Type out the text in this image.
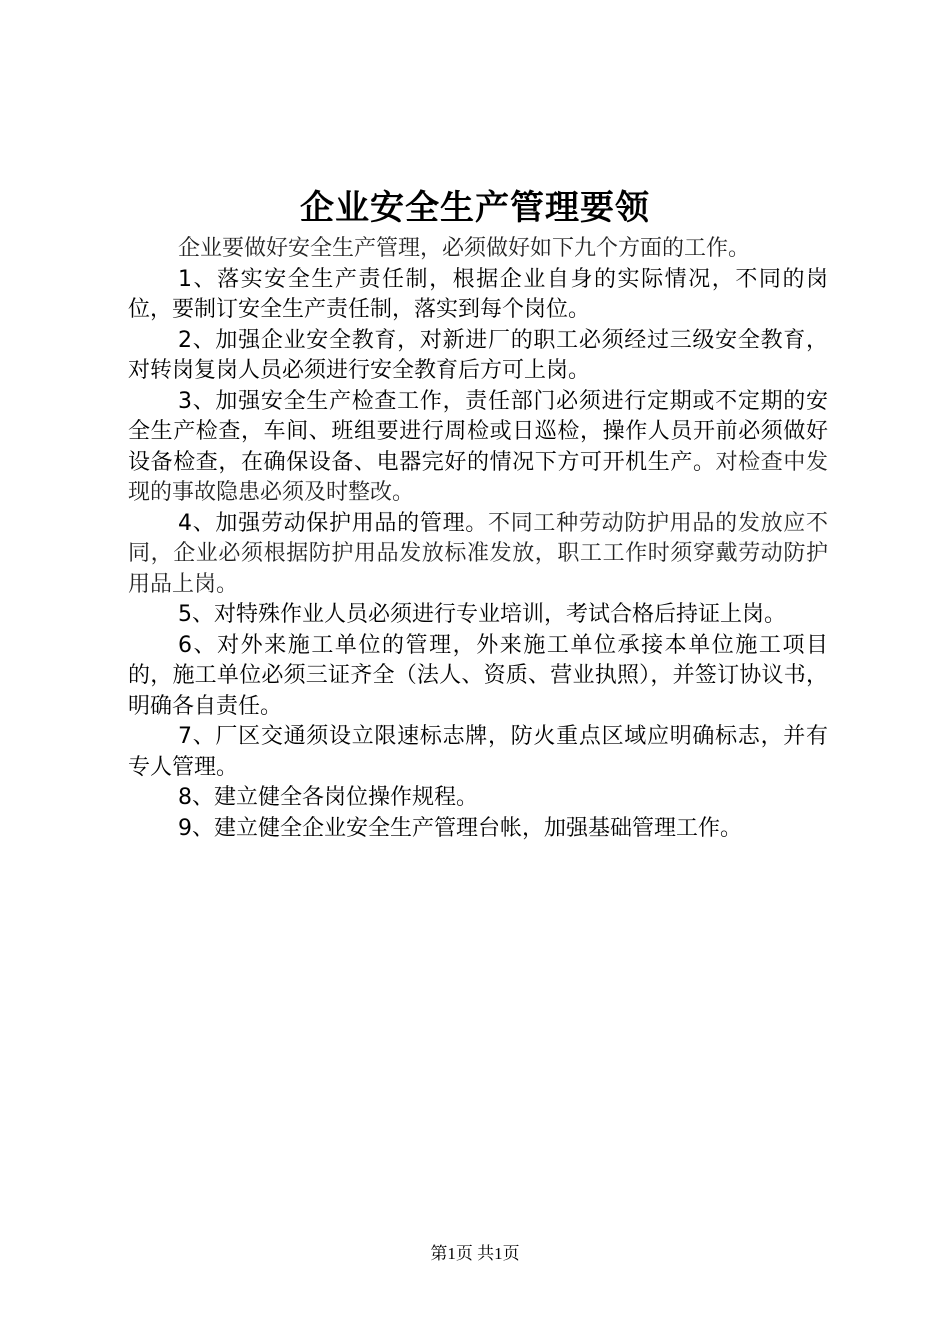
企业安全生产管理要领

企业要做好安全生产管理，必须做好如下九个方面的工作。

1、落实安全生产责任制，根据企业自身的实际情况，不同的岗位，要制订安全生产责任制，落实到每个岗位。

2、加强企业安全教育，对新进厂的职工必须经过三级安全教育，对转岗复岗人员必须进行安全教育后方可上岗。

3、加强安全生产检查工作，责任部门必须进行定期或不定期的安全生产检查，车间、班组要进行周检或日巡检，操作人员开前必须做好设备检查，在确保设备、电器完好的情况下方可开机生产。对检查中发现的事故隐患必须及时整改。

4、加强劳动保护用品的管理。不同工种劳动防护用品的发放应不同，企业必须根据防护用品发放标准发放，职工工作时须穿戴劳动防护用品上岗。

5、对特殊作业人员必须进行专业培训，考试合格后持证上岗。

6、对外来施工单位的管理，外来施工单位承接本单位施工项目的，施工单位必须三证齐全（法人、资质、营业执照），并签订协议书，明确各自责任。

7、厂区交通须设立限速标志牌，防火重点区域应明确标志，并有专人管理。

8、建立健全各岗位操作规程。

9、建立健全企业安全生产管理台帐，加强基础管理工作。

第1页 共1页
